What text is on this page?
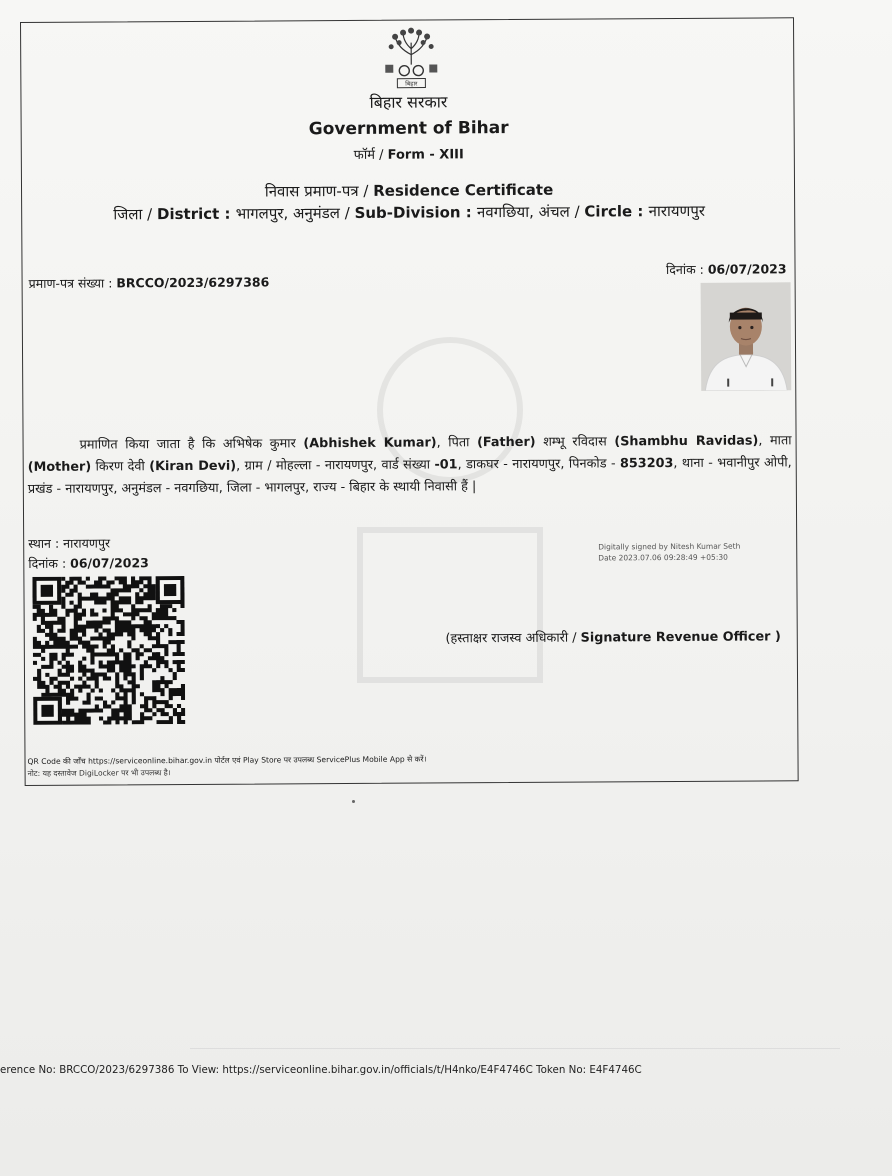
बिहार
बिहार सरकार
Government of Bihar
फॉर्म / Form - XIII
निवास प्रमाण-पत्र / Residence Certificate
जिला / District : भागलपुर, अनुमंडल / Sub-Division : नवगछिया, अंचल / Circle : नारायणपुर
प्रमाण-पत्र संख्या : BRCCO/2023/6297386
दिनांक : 06/07/2023
प्रमाणित किया जाता है कि अभिषेक कुमार (Abhishek Kumar), पिता (Father) शम्भू रविदास (Shambhu Ravidas), माता (Mother) किरण देवी (Kiran Devi), ग्राम / मोहल्ला - नारायणपुर, वार्ड संख्या -01, डाकघर - नारायणपुर, पिनकोड - 853203, थाना - भवानीपुर ओपी, प्रखंड - नारायणपुर, अनुमंडल - नवगछिया, जिला - भागलपुर, राज्य - बिहार के स्थायी निवासी हैं |
स्थान : नारायणपुर
दिनांक : 06/07/2023
Digitally signed by Nitesh Kumar Seth
Date 2023.07.06 09:28:49 +05:30
(हस्ताक्षर राजस्व अधिकारी / Signature Revenue Officer )
QR Code की जाँच https://serviceonline.bihar.gov.in पोर्टल एवं Play Store पर उपलब्ध ServicePlus Mobile App से करें।
नोट: यह दस्तावेज DigiLocker पर भी उपलब्ध है।
erence No: BRCCO/2023/6297386 To View: https://serviceonline.bihar.gov.in/officials/t/H4nko/E4F4746C Token No: E4F4746C
